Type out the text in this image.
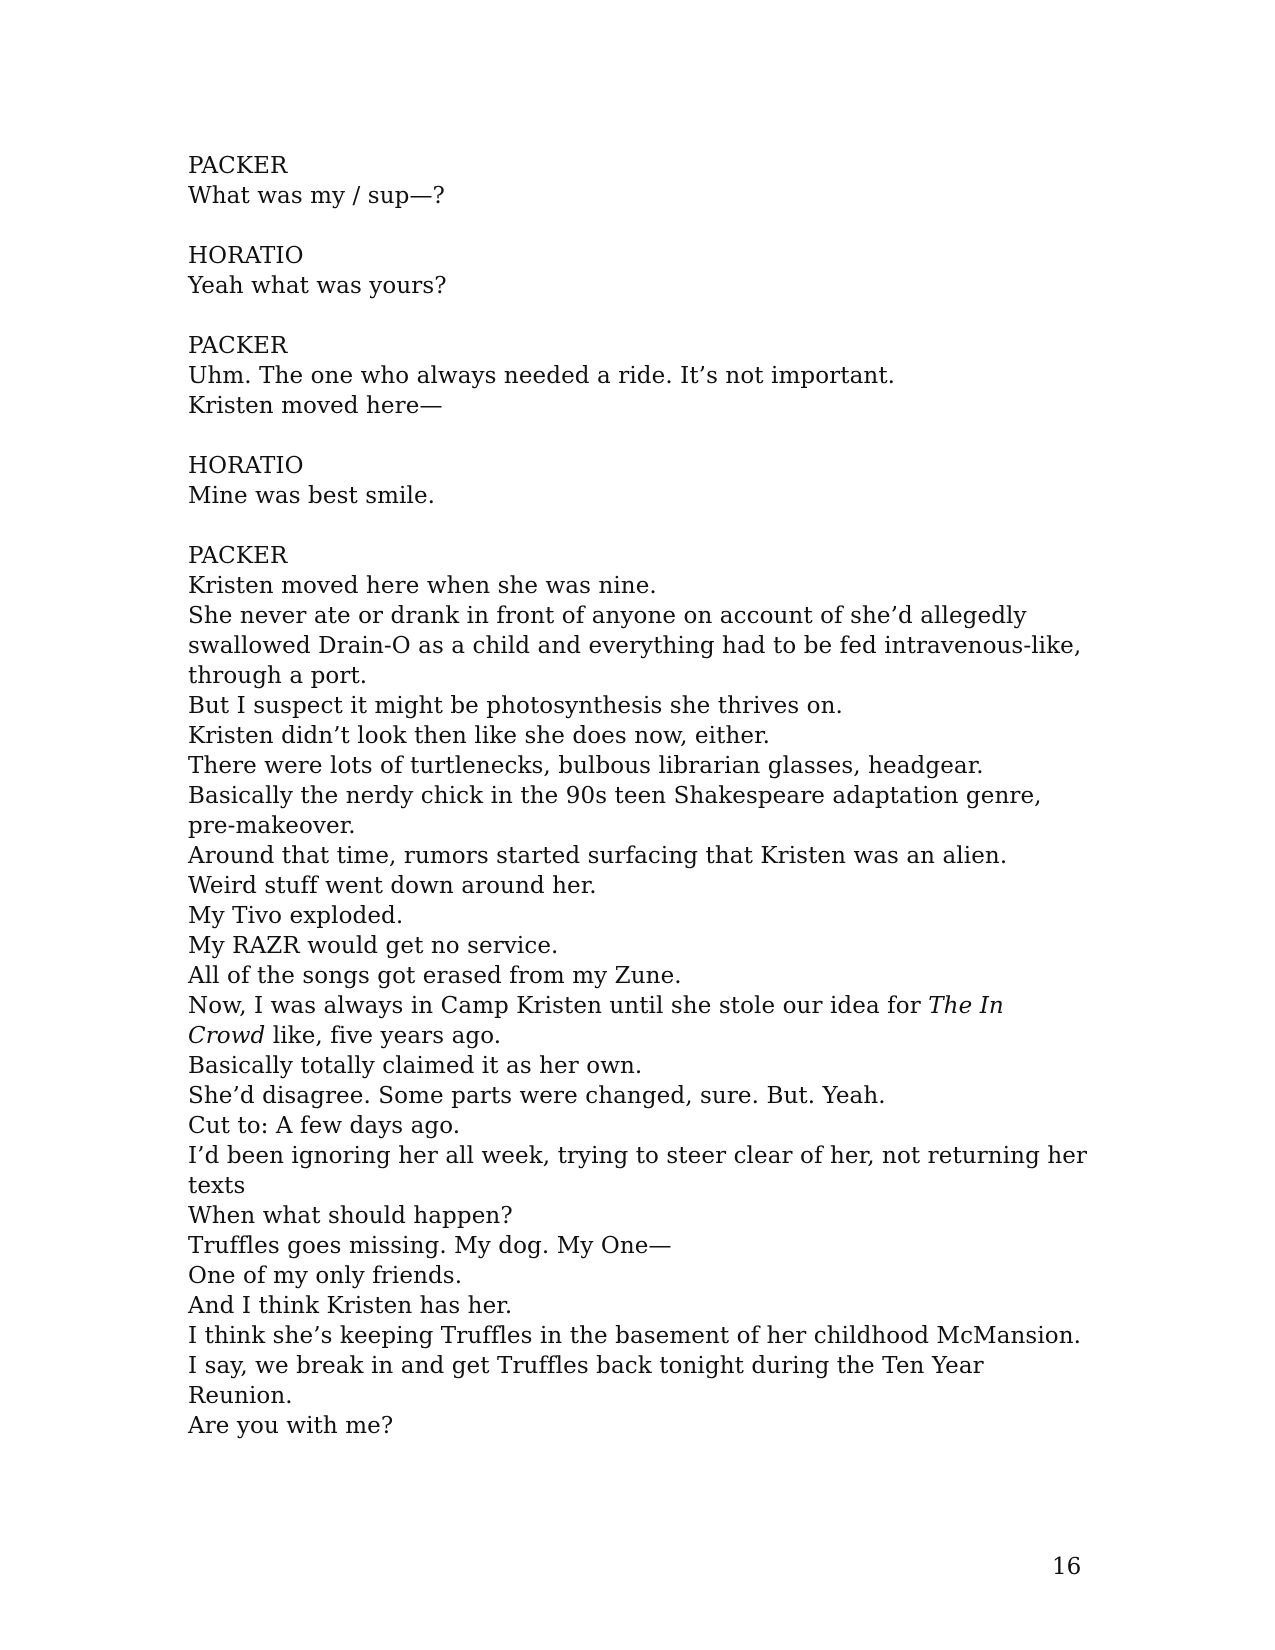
PACKER
What was my / sup—?
HORATIO
Yeah what was yours?
PACKER
Uhm. The one who always needed a ride. It’s not important.
Kristen moved here—
HORATIO
Mine was best smile.
PACKER
Kristen moved here when she was nine.
She never ate or drank in front of anyone on account of she’d allegedly swallowed Drain-O as a child and everything had to be fed intravenous-like, through a port.
But I suspect it might be photosynthesis she thrives on.
Kristen didn’t look then like she does now, either.
There were lots of turtlenecks, bulbous librarian glasses, headgear.
Basically the nerdy chick in the 90s teen Shakespeare adaptation genre, pre-makeover.
Around that time, rumors started surfacing that Kristen was an alien.
Weird stuff went down around her.
My Tivo exploded.
My RAZR would get no service.
All of the songs got erased from my Zune.
Now, I was always in Camp Kristen until she stole our idea for The In Crowd like, five years ago.
Basically totally claimed it as her own.
She’d disagree. Some parts were changed, sure. But. Yeah.
Cut to: A few days ago.
I’d been ignoring her all week, trying to steer clear of her, not returning her texts
When what should happen?
Truffles goes missing. My dog. My One—
One of my only friends.
And I think Kristen has her.
I think she’s keeping Truffles in the basement of her childhood McMansion.
I say, we break in and get Truffles back tonight during the Ten Year Reunion.
Are you with me?
16
